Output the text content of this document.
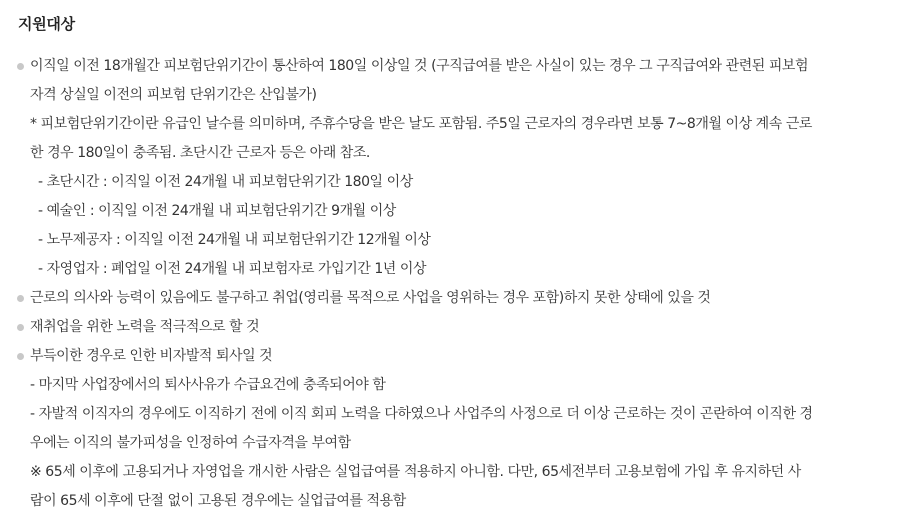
지원대상
이직일 이전 18개월간 피보험단위기간이 통산하여 180일 이상일 것 (구직급여를 받은 사실이 있는 경우 그 구직급여와 관련된 피보험
자격 상실일 이전의 피보험 단위기간은 산입불가)
* 피보험단위기간이란 유급인 날수를 의미하며, 주휴수당을 받은 날도 포함됨. 주5일 근로자의 경우라면 보통 7~8개월 이상 계속 근로
한 경우 180일이 충족됨. 초단시간 근로자 등은 아래 참조.
- 초단시간 : 이직일 이전 24개월 내 피보험단위기간 180일 이상
- 예술인 : 이직일 이전 24개월 내 피보험단위기간 9개월 이상
- 노무제공자 : 이직일 이전 24개월 내 피보험단위기간 12개월 이상
- 자영업자 : 폐업일 이전 24개월 내 피보험자로 가입기간 1년 이상
근로의 의사와 능력이 있음에도 불구하고 취업(영리를 목적으로 사업을 영위하는 경우 포함)하지 못한 상태에 있을 것
재취업을 위한 노력을 적극적으로 할 것
부득이한 경우로 인한 비자발적 퇴사일 것
- 마지막 사업장에서의 퇴사사유가 수급요건에 충족되어야 함
- 자발적 이직자의 경우에도 이직하기 전에 이직 회피 노력을 다하였으나 사업주의 사정으로 더 이상 근로하는 것이 곤란하여 이직한 경
우에는 이직의 불가피성을 인정하여 수급자격을 부여함
※ 65세 이후에 고용되거나 자영업을 개시한 사람은 실업급여를 적용하지 아니함. 다만, 65세전부터 고용보험에 가입 후 유지하던 사
람이 65세 이후에 단절 없이 고용된 경우에는 실업급여를 적용함
